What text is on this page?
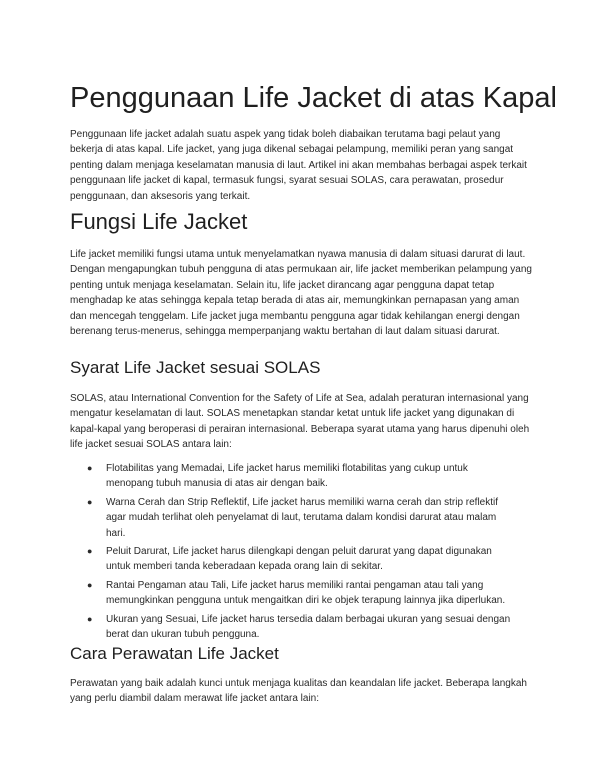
Penggunaan Life Jacket di atas Kapal

Penggunaan life jacket adalah suatu aspek yang tidak boleh diabaikan terutama bagi pelaut yang bekerja di atas kapal. Life jacket, yang juga dikenal sebagai pelampung, memiliki peran yang sangat penting dalam menjaga keselamatan manusia di laut. Artikel ini akan membahas berbagai aspek terkait penggunaan life jacket di kapal, termasuk fungsi, syarat sesuai SOLAS, cara perawatan, prosedur penggunaan, dan aksesoris yang terkait.

Fungsi Life Jacket

Life jacket memiliki fungsi utama untuk menyelamatkan nyawa manusia di dalam situasi darurat di laut. Dengan mengapungkan tubuh pengguna di atas permukaan air, life jacket memberikan pelampung yang penting untuk menjaga keselamatan. Selain itu, life jacket dirancang agar pengguna dapat tetap menghadap ke atas sehingga kepala tetap berada di atas air, memungkinkan pernapasan yang aman dan mencegah tenggelam. Life jacket juga membantu pengguna agar tidak kehilangan energi dengan berenang terus-menerus, sehingga memperpanjang waktu bertahan di laut dalam situasi darurat.

Syarat Life Jacket sesuai SOLAS

SOLAS, atau International Convention for the Safety of Life at Sea, adalah peraturan internasional yang mengatur keselamatan di laut. SOLAS menetapkan standar ketat untuk life jacket yang digunakan di kapal-kapal yang beroperasi di perairan internasional. Beberapa syarat utama yang harus dipenuhi oleh life jacket sesuai SOLAS antara lain:

● Flotabilitas yang Memadai, Life jacket harus memiliki flotabilitas yang cukup untuk menopang tubuh manusia di atas air dengan baik.
● Warna Cerah dan Strip Reflektif, Life jacket harus memiliki warna cerah dan strip reflektif agar mudah terlihat oleh penyelamat di laut, terutama dalam kondisi darurat atau malam hari.
● Peluit Darurat, Life jacket harus dilengkapi dengan peluit darurat yang dapat digunakan untuk memberi tanda keberadaan kepada orang lain di sekitar.
● Rantai Pengaman atau Tali, Life jacket harus memiliki rantai pengaman atau tali yang memungkinkan pengguna untuk mengaitkan diri ke objek terapung lainnya jika diperlukan.
● Ukuran yang Sesuai, Life jacket harus tersedia dalam berbagai ukuran yang sesuai dengan berat dan ukuran tubuh pengguna.
Cara Perawatan Life Jacket

Perawatan yang baik adalah kunci untuk menjaga kualitas dan keandalan life jacket. Beberapa langkah yang perlu diambil dalam merawat life jacket antara lain:
